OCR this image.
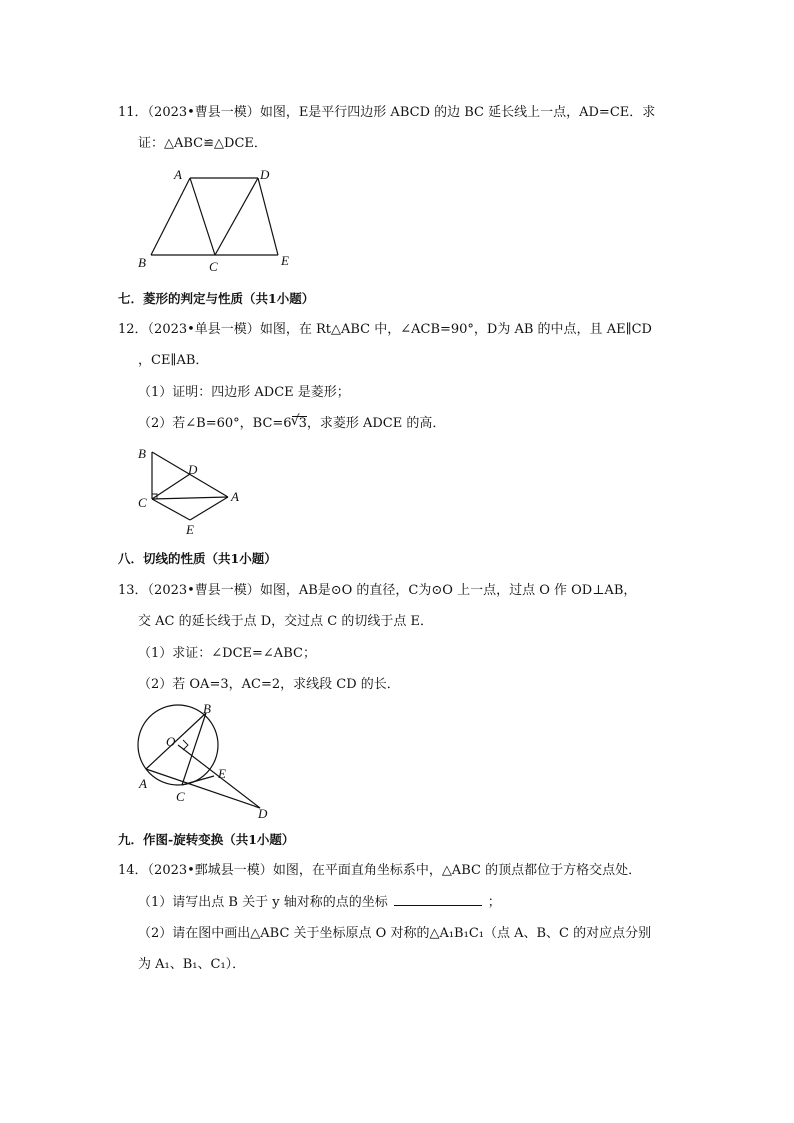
11．（2023•曹县一模）如图，E是平行四边形 ABCD 的边 BC 延长线上一点，AD=CE．求
证：△ABC≌△DCE．
A	D
B	C	E
七．菱形的判定与性质（共1小题）
12．（2023•单县一模）如图，在 Rt△ABC 中，∠ACB=90°，D为 AB 的中点，且 AE∥CD
，CE∥AB．
（1）证明：四边形 ADCE 是菱形；
（2）若∠B=60°，BC=6 √ 3，求菱形 ADCE 的高．
B
D
C	A
E
八．切线的性质（共1小题）
13．（2023•曹县一模）如图，AB是⊙O 的直径，C为⊙O 上一点，过点 O 作 OD⊥AB，
交 AC 的延长线于点 D，交过点 C 的切线于点 E．
（1）求证：∠DCE=∠ABC；
（2）若 OA=3，AC=2，求线段 CD 的长．
B
O
E
A
C
D
九．作图-旋转变换（共1小题）
14．（2023•鄄城县一模）如图，在平面直角坐标系中，△ABC 的顶点都位于方格交点处．
（1）请写出点 B 关于 y 轴对称的点的坐标	；
（2）请在图中画出△ABC 关于坐标原点 O 对称的△A₁B₁C₁（点 A、B、C 的对应点分别
为 A₁、B₁、C₁）．
